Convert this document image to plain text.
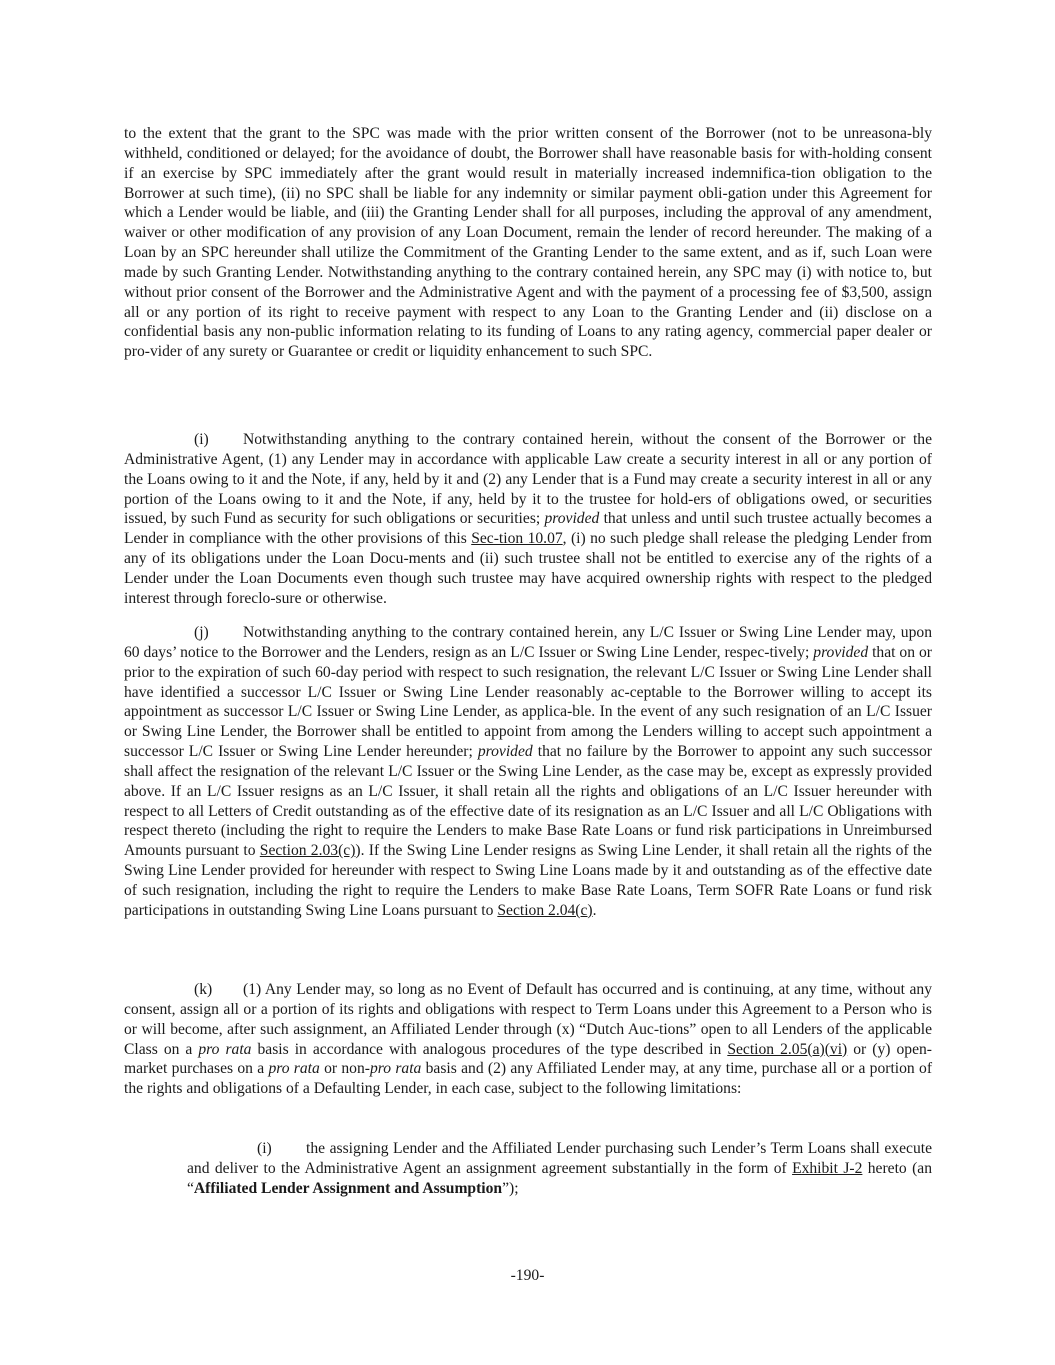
to the extent that the grant to the SPC was made with the prior written consent of the Borrower (not to be unreasona-bly withheld, conditioned or delayed; for the avoidance of doubt, the Borrower shall have reasonable basis for with-holding consent if an exercise by SPC immediately after the grant would result in materially increased indemnifica-tion obligation to the Borrower at such time), (ii) no SPC shall be liable for any indemnity or similar payment obli-gation under this Agreement for which a Lender would be liable, and (iii) the Granting Lender shall for all purposes, including the approval of any amendment, waiver or other modification of any provision of any Loan Document, remain the lender of record hereunder. The making of a Loan by an SPC hereunder shall utilize the Commitment of the Granting Lender to the same extent, and as if, such Loan were made by such Granting Lender. Notwithstanding anything to the contrary contained herein, any SPC may (i) with notice to, but without prior consent of the Borrower and the Administrative Agent and with the payment of a processing fee of $3,500, assign all or any portion of its right to receive payment with respect to any Loan to the Granting Lender and (ii) disclose on a confidential basis any non-public information relating to its funding of Loans to any rating agency, commercial paper dealer or pro-vider of any surety or Guarantee or credit or liquidity enhancement to such SPC.

(i) Notwithstanding anything to the contrary contained herein, without the consent of the Borrower or the Administrative Agent, (1) any Lender may in accordance with applicable Law create a security interest in all or any portion of the Loans owing to it and the Note, if any, held by it and (2) any Lender that is a Fund may create a security interest in all or any portion of the Loans owing to it and the Note, if any, held by it to the trustee for hold-ers of obligations owed, or securities issued, by such Fund as security for such obligations or securities; provided that unless and until such trustee actually becomes a Lender in compliance with the other provisions of this Sec-tion 10.07, (i) no such pledge shall release the pledging Lender from any of its obligations under the Loan Docu-ments and (ii) such trustee shall not be entitled to exercise any of the rights of a Lender under the Loan Documents even though such trustee may have acquired ownership rights with respect to the pledged interest through foreclo-sure or otherwise.

(j) Notwithstanding anything to the contrary contained herein, any L/C Issuer or Swing Line Lender may, upon 60 days’ notice to the Borrower and the Lenders, resign as an L/C Issuer or Swing Line Lender, respec-tively; provided that on or prior to the expiration of such 60-day period with respect to such resignation, the relevant L/C Issuer or Swing Line Lender shall have identified a successor L/C Issuer or Swing Line Lender reasonably ac-ceptable to the Borrower willing to accept its appointment as successor L/C Issuer or Swing Line Lender, as applica-ble. In the event of any such resignation of an L/C Issuer or Swing Line Lender, the Borrower shall be entitled to appoint from among the Lenders willing to accept such appointment a successor L/C Issuer or Swing Line Lender hereunder; provided that no failure by the Borrower to appoint any such successor shall affect the resignation of the relevant L/C Issuer or the Swing Line Lender, as the case may be, except as expressly provided above. If an L/C Issuer resigns as an L/C Issuer, it shall retain all the rights and obligations of an L/C Issuer hereunder with respect to all Letters of Credit outstanding as of the effective date of its resignation as an L/C Issuer and all L/C Obligations with respect thereto (including the right to require the Lenders to make Base Rate Loans or fund risk participations in Unreimbursed Amounts pursuant to Section 2.03(c)). If the Swing Line Lender resigns as Swing Line Lender, it shall retain all the rights of the Swing Line Lender provided for hereunder with respect to Swing Line Loans made by it and outstanding as of the effective date of such resignation, including the right to require the Lenders to make Base Rate Loans, Term SOFR Rate Loans or fund risk participations in outstanding Swing Line Loans pursuant to Section 2.04(c).

(k) (1) Any Lender may, so long as no Event of Default has occurred and is continuing, at any time, without any consent, assign all or a portion of its rights and obligations with respect to Term Loans under this Agreement to a Person who is or will become, after such assignment, an Affiliated Lender through (x) “Dutch Auc-tions” open to all Lenders of the applicable Class on a pro rata basis in accordance with analogous procedures of the type described in Section 2.05(a)(vi) or (y) open-market purchases on a pro rata or non-pro rata basis and (2) any Affiliated Lender may, at any time, purchase all or a portion of the rights and obligations of a Defaulting Lender, in each case, subject to the following limitations:

(i) the assigning Lender and the Affiliated Lender purchasing such Lender’s Term Loans shall execute and deliver to the Administrative Agent an assignment agreement substantially in the form of Exhibit J-2 hereto (an “Affiliated Lender Assignment and Assumption”);

-190-
